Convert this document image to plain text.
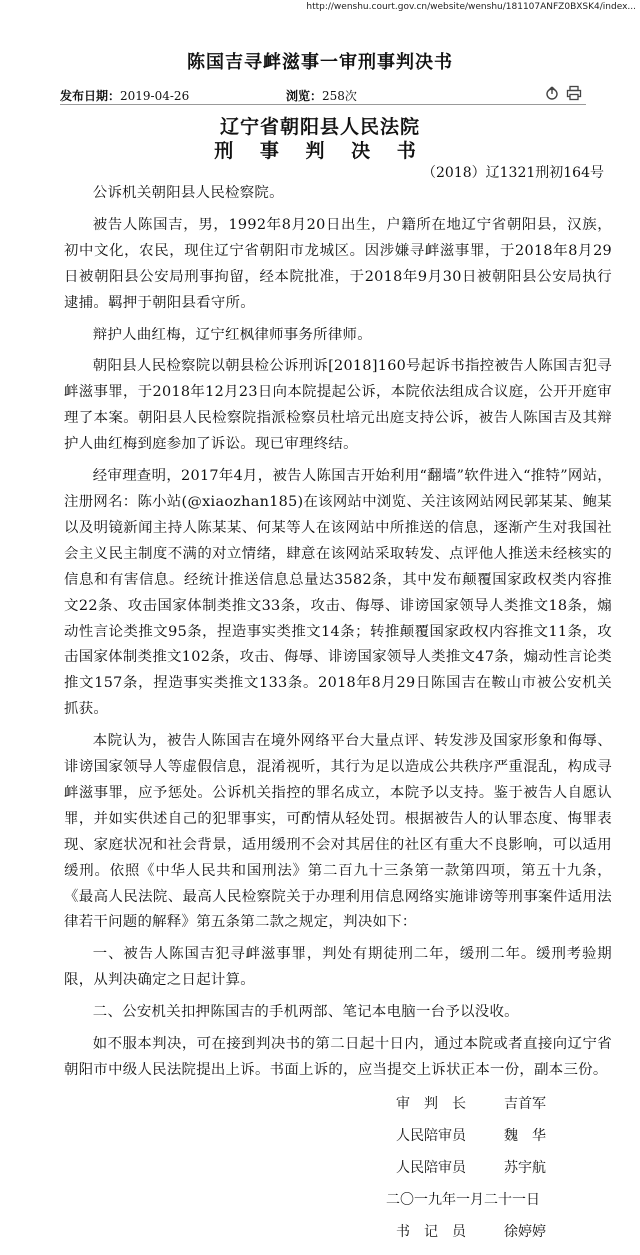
http://wenshu.court.gov.cn/website/wenshu/181107ANFZ0BXSK4/index...
陈国吉寻衅滋事一审刑事判决书
发布日期：2019-04-26	浏览：258次
辽宁省朝阳县人民法院
刑 事 判 决 书
（2018）辽1321刑初164号

公诉机关朝阳县人民检察院。

被告人陈国吉，男，1992年8月20日出生，户籍所在地辽宁省朝阳县，汉族，初中文化，农民，现住辽宁省朝阳市龙城区。因涉嫌寻衅滋事罪，于2018年8月29日被朝阳县公安局刑事拘留，经本院批准，于2018年9月30日被朝阳县公安局执行逮捕。羁押于朝阳县看守所。

辩护人曲红梅，辽宁红枫律师事务所律师。

朝阳县人民检察院以朝县检公诉刑诉[2018]160号起诉书指控被告人陈国吉犯寻衅滋事罪，于2018年12月23日向本院提起公诉，本院依法组成合议庭，公开开庭审理了本案。朝阳县人民检察院指派检察员杜培元出庭支持公诉，被告人陈国吉及其辩护人曲红梅到庭参加了诉讼。现已审理终结。

经审理查明，2017年4月，被告人陈国吉开始利用“翻墙”软件进入“推特”网站，注册网名：陈小站(@xiaozhan185)在该网站中浏览、关注该网站网民郭某某、鲍某以及明镜新闻主持人陈某某、何某等人在该网站中所推送的信息，逐渐产生对我国社会主义民主制度不满的对立情绪，肆意在该网站采取转发、点评他人推送未经核实的信息和有害信息。经统计推送信息总量达3582条，其中发布颠覆国家政权类内容推文22条、攻击国家体制类推文33条，攻击、侮辱、诽谤国家领导人类推文18条，煽动性言论类推文95条，捏造事实类推文14条；转推颠覆国家政权内容推文11条，攻击国家体制类推文102条，攻击、侮辱、诽谤国家领导人类推文47条，煽动性言论类推文157条，捏造事实类推文133条。2018年8月29日陈国吉在鞍山市被公安机关抓获。

本院认为，被告人陈国吉在境外网络平台大量点评、转发涉及国家形象和侮辱、诽谤国家领导人等虚假信息，混淆视听，其行为足以造成公共秩序严重混乱，构成寻衅滋事罪，应予惩处。公诉机关指控的罪名成立，本院予以支持。鉴于被告人自愿认罪，并如实供述自己的犯罪事实，可酌情从轻处罚。根据被告人的认罪态度、悔罪表现、家庭状况和社会背景，适用缓刑不会对其居住的社区有重大不良影响，可以适用缓刑。依照《中华人民共和国刑法》第二百九十三条第一款第四项，第五十九条，《最高人民法院、最高人民检察院关于办理利用信息网络实施诽谤等刑事案件适用法律若干问题的解释》第五条第二款之规定，判决如下：

一、被告人陈国吉犯寻衅滋事罪，判处有期徒刑二年，缓刑二年。缓刑考验期限，从判决确定之日起计算。

二、公安机关扣押陈国吉的手机两部、笔记本电脑一台予以没收。

如不服本判决，可在接到判决书的第二日起十日内，通过本院或者直接向辽宁省朝阳市中级人民法院提出上诉。书面上诉的，应当提交上诉状正本一份，副本三份。

审　判　长	吉首军
人民陪审员	魏　华
人民陪审员	苏宇航
二〇一九年一月二十一日
书　记　员	徐婷婷
